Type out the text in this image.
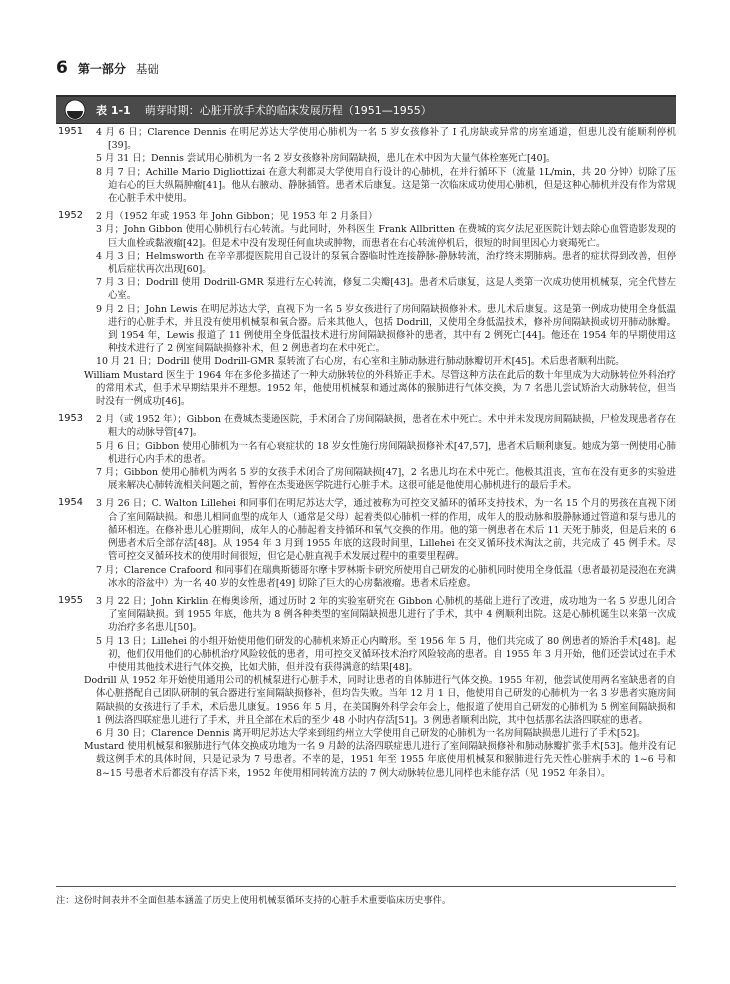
6 第一部分 基础
表 1-1 萌芽时期：心脏开放手术的临床发展历程（1951—1955）
1951 4 月 6 日；Clarence Dennis 在明尼苏达大学使用心肺机为一名 5 岁女孩修补了 I 孔房缺或异常的房室通道，但患儿没有能顺利停机[39]。
5 月 31 日；Dennis 尝试用心肺机为一名 2 岁女孩修补房间隔缺损，患儿在术中因为大量气体栓塞死亡[40]。
8 月 7 日；Achille Mario Digliottizai 在意大利都灵大学使用自行设计的心肺机，在并行循环下（流量 1L/min，共 20 分钟）切除了压迫右心的巨大纵隔肿瘤[41]。他从右腋动、静脉插管。患者术后康复。这是第一次临床成功使用心肺机，但是这种心肺机并没有作为常规在心脏手术中使用。
1952 2 月（1952 年或 1953 年 John Gibbon；见 1953 年 2 月条目）
3 月；John Gibbon 使用心肺机行右心转流。与此同时，外科医生 Frank Allbritten 在费城的宾夕法尼亚医院计划去除心血管造影发现的巨大血栓或黏液瘤[42]。但是术中没有发现任何血块或肿物，而患者在右心转流停机后，很短的时间里因心力衰竭死亡。
4 月 3 日；Helmsworth 在辛辛那提医院用自己设计的泵氧合器临时性连接静脉-静脉转流，治疗终末期肺病。患者的症状得到改善，但停机后症状再次出现[60]。
7 月 3 日；Dodrill 使用 Dodrill-GMR 泵进行左心转流，修复二尖瓣[43]。患者术后康复，这是人类第一次成功使用机械泵，完全代替左心室。
9 月 2 日；John Lewis 在明尼苏达大学，直视下为一名 5 岁女孩进行了房间隔缺损修补术。患儿术后康复。这是第一例成功使用全身低温进行的心脏手术，并且没有使用机械泵和氧合器。后来其他人，包括 Dodrill，又使用全身低温技术，修补房间隔缺损或切开肺动脉瓣。到 1954 年，Lewis 报道了 11 例使用全身低温技术进行房间隔缺损修补的患者，其中有 2 例死亡[44]。他还在 1954 年的早期使用这种技术进行了 2 例室间隔缺损修补术，但 2 例患者均在术中死亡。
10 月 21 日；Dodrill 使用 Dodrill-GMR 泵转流了右心房，右心室和主肺动脉进行肺动脉瓣切开术[45]。术后患者顺利出院。
William Mustard 医生于 1964 年在多伦多描述了一种大动脉转位的外科矫正手术。尽管这种方法在此后的数十年里成为大动脉转位外科治疗的常用术式，但手术早期结果并不理想。1952 年，他使用机械泵和通过离体的猴肺进行气体交换，为 7 名患儿尝试矫治大动脉转位，但当时没有一例成功[46]。
1953 2 月（或 1952 年）；Gibbon 在费城杰斐逊医院，手术闭合了房间隔缺损，患者在术中死亡。术中并未发现房间隔缺损，尸检发现患者存在粗大的动脉导管[47]。
5 月 6 日；Gibbon 使用心肺机为一名有心衰症状的 18 岁女性施行房间隔缺损修补术[47,57]，患者术后顺利康复。她成为第一例使用心肺机进行心内手术的患者。
7 月；Gibbon 使用心肺机为两名 5 岁的女孩手术闭合了房间隔缺损[47]，2 名患儿均在术中死亡。他极其沮丧，宣布在没有更多的实验进展来解决心肺转流相关问题之前，暂停在杰斐逊医学院进行心脏手术。这很可能是他使用心肺机进行的最后手术。
1954 3 月 26 日；C. Walton Lillehei 和同事们在明尼苏达大学，通过被称为可控交叉循环的循环支持技术，为一名 15 个月的男孩在直视下闭合了室间隔缺损。和患儿相同血型的成年人（通常是父母）起着类似心肺机一样的作用，成年人的股动脉和股静脉通过管道和泵与患儿的循环相连。在修补患儿心脏期间，成年人的心肺起着支持循环和氧气交换的作用。他的第一例患者在术后 11 天死于肺炎，但是后来的 6 例患者术后全部存活[48]。从 1954 年 3 月到 1955 年底的这段时间里，Lillehei 在交叉循环技术淘汰之前，共完成了 45 例手术。尽管可控交叉循环技术的使用时间很短，但它是心脏直视手术发展过程中的重要里程碑。
7 月；Clarence Crafoord 和同事们在瑞典斯德哥尔摩卡罗林斯卡研究所使用自己研发的心肺机同时使用全身低温（患者最初是浸泡在充满冰水的浴盆中）为一名 40 岁的女性患者[49] 切除了巨大的心房黏液瘤。患者术后痊愈。
1955 3 月 22 日；John Kirklin 在梅奥诊所，通过历时 2 年的实验室研究在 Gibbon 心肺机的基础上进行了改进，成功地为一名 5 岁患儿闭合了室间隔缺损。到 1955 年底，他共为 8 例各种类型的室间隔缺损患儿进行了手术，其中 4 例顺利出院。这是心肺机诞生以来第一次成功治疗多名患儿[50]。
5 月 13 日；Lillehei 的小组开始使用他们研发的心肺机来矫正心内畸形。至 1956 年 5 月，他们共完成了 80 例患者的矫治手术[48]。起初，他们仅用他们的心肺机治疗风险较低的患者，用可控交叉循环技术治疗风险较高的患者。自 1955 年 3 月开始，他们还尝试过在手术中使用其他技术进行气体交换，比如犬肺，但并没有获得满意的结果[48]。
Dodrill 从 1952 年开始使用通用公司的机械泵进行心脏手术，同时让患者的自体肺进行气体交换。1955 年初，他尝试使用两名室缺患者的自体心脏搭配自己团队研制的氧合器进行室间隔缺损修补，但均告失败。当年 12 月 1 日，他使用自己研发的心肺机为一名 3 岁患者实施房间隔缺损的女孩进行了手术，术后患儿康复。1956 年 5 月，在美国胸外科学会年会上，他报道了使用自己研发的心肺机为 5 例室间隔缺损和 1 例法洛四联症患儿进行了手术，并且全部在术后的至少 48 小时内存活[51]。3 例患者顺利出院，其中包括那名法洛四联症的患者。
6 月 30 日；Clarence Dennis 离开明尼苏达大学来到纽约州立大学使用自己研发的心肺机为一名房间隔缺损患儿进行了手术[52]。
Mustard 使用机械泵和猴肺进行气体交换成功地为一名 9 月龄的法洛四联症患儿进行了室间隔缺损修补和肺动脉瓣扩张手术[53]。他并没有记载这例手术的具体时间，只是记录为 7 号患者。不幸的是，1951 年至 1955 年底使用机械泵和猴肺进行先天性心脏病手术的 1~6 号和 8~15 号患者术后都没有存活下来，1952 年使用相同转流方法的 7 例大动脉转位患儿同样也未能存活（见 1952 年条目）。
注：这份时间表并不全面但基本涵盖了历史上使用机械泵循环支持的心脏手术重要临床历史事件。
